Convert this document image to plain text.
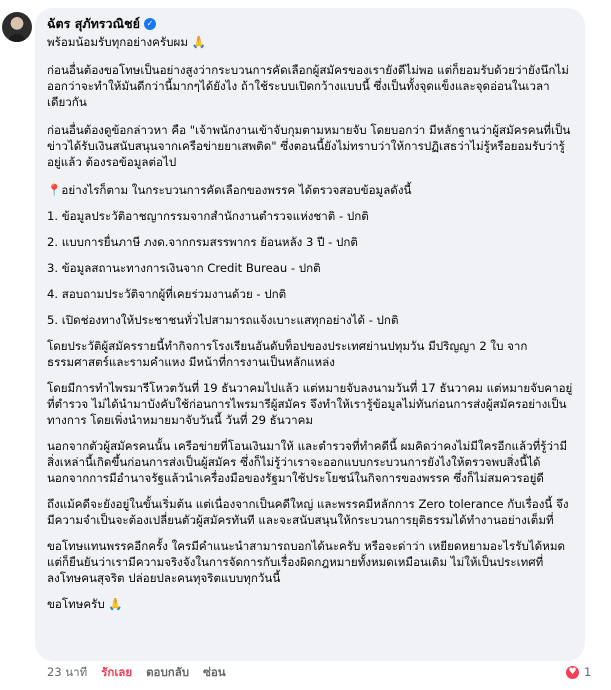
ฉัตร สุภัทรวณิชย์ ✓
พร้อมน้อมรับทุกอย่างครับผม 🙏
ก่อนอื่นต้องขอโทษเป็นอย่างสูงว่ากระบวนการคัดเลือกผู้สมัครของเรายังดีไม่พอ แต่ก็ยอมรับด้วยว่ายังนึกไม่ออกว่าจะทำให้มันดีกว่านี้มากๆได้ยังไง ถ้าใช้ระบบเปิดกว้างแบบนี้ ซึ่งเป็นทั้งจุดแข็งและจุดอ่อนในเวลาเดียวกัน
ก่อนอื่นต้องดูข้อกล่าวหา คือ "เจ้าพนักงานเข้าจับกุมตามหมายจับ โดยบอกว่า มีหลักฐานว่าผู้สมัครคนที่เป็นข่าวได้รับเงินสนับสนุนจากเครือข่ายยาเสพติด" ซึ่งตอนนี้ยังไม่ทราบว่าให้การปฏิเสธว่าไม่รู้หรือยอมรับว่ารู้อยู่แล้ว ต้องรอข้อมูลต่อไป
📍อย่างไรก็ตาม ในกระบวนการคัดเลือกของพรรค ได้ตรวจสอบข้อมูลดังนี้
1. ข้อมูลประวัติอาชญากรรมจากสำนักงานตำรวจแห่งชาติ - ปกติ
2. แบบการยื่นภาษี ภงด.จากกรมสรรพากร ย้อนหลัง 3 ปี - ปกติ
3. ข้อมูลสถานะทางการเงินจาก Credit Bureau - ปกติ
4. สอบถามประวัติจากผู้ที่เคยร่วมงานด้วย - ปกติ
5. เปิดช่องทางให้ประชาชนทั่วไปสามารถแจ้งเบาะแสทุกอย่างได้ - ปกติ
โดยประวัติผู้สมัครรายนี้ทำกิจการโรงเรียนอันดับท็อปของประเทศย่านปทุมวัน มีปริญญา 2 ใบ จากธรรมศาสตร์และรามคำแหง มีหน้าที่การงานเป็นหลักแหล่ง
โดยมีการทำไพรมารีโหวตวันที่ 19 ธันวาคมไปแล้ว แต่หมายจับลงนามวันที่ 17 ธันวาคม แต่หมายจับคาอยู่ที่ตำรวจ ไม่ได้นำมาบังคับใช้ก่อนการไพรมารีผู้สมัคร จึงทำให้เรารู้ข้อมูลไม่ทันก่อนการส่งผู้สมัครอย่างเป็นทางการ โดยเพิ่งนำหมายมาจับวันนี้ วันที่ 29 ธันวาคม
นอกจากตัวผู้สมัครคนนั้น เครือข่ายที่โอนเงินมาให้ และตำรวจที่ทำคดีนี้ ผมคิดว่าคงไม่มีใครอีกแล้วที่รู้ว่ามีสิ่งเหล่านี้เกิดขึ้นก่อนการส่งเป็นผู้สมัคร ซึ่งก็ไม่รู้ว่าเราจะออกแบบกระบวนการยังไงให้ตรวจพบสิ่งนี้ได้ นอกจากการมีอำนาจรัฐแล้วนำเครื่องมือของรัฐมาใช้ประโยชน์ในกิจการของพรรค ซึ่งก็ไม่สมควรอยู่ดี
ถึงแม้คดีจะยังอยู่ในขั้นเริ่มต้น แต่เนื่องจากเป็นคดีใหญ่ และพรรคมีหลักการ Zero tolerance กับเรื่องนี้ จึงมีความจำเป็นจะต้องเปลี่ยนตัวผู้สมัครทันที และจะสนับสนุนให้กระบวนการยุติธรรมได้ทำงานอย่างเต็มที่
ขอโทษแทนพรรคอีกครั้ง ใครมีคำแนะนำสามารถบอกได้นะครับ หรือจะด่าว่า เหยียดหยามอะไรรับได้หมด แต่ก็ยืนยันว่าเรามีความจริงจังในการจัดการกับเรื่องผิดกฎหมายทั้งหมดเหมือนเดิม ไม่ให้เป็นประเทศที่ลงโทษคนสุจริต ปล่อยปละคนทุจริตแบบทุกวันนี้
ขอโทษครับ 🙏
23 นาที รักเลย ตอบกลับ ซ่อน	♥ 1
